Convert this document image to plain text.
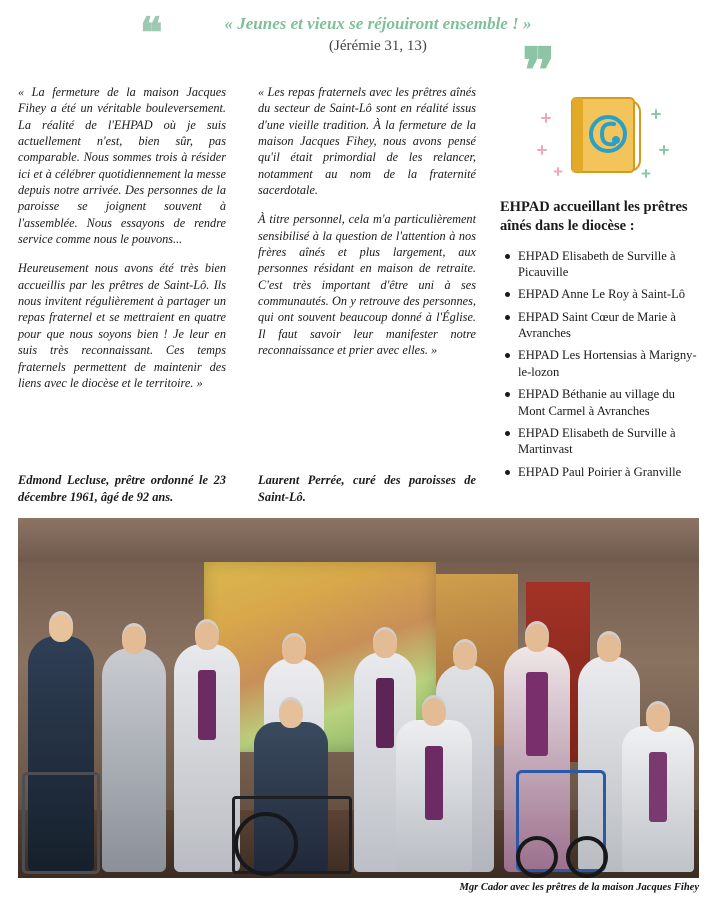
❝	« Jeunes et vieux se réjouiront ensemble ! »

(Jérémie 31, 13)	❞

« La fermeture de la maison Jacques Fihey a été un véritable bouleversement. La réalité de l'EHPAD où je suis actuellement n'est, bien sûr, pas comparable. Nous sommes trois à résider ici et à célébrer quotidiennement la messe depuis notre arrivée. Des personnes de la paroisse se joignent souvent à l'assemblée. Nous essayons de rendre service comme nous le pouvons...

Heureusement nous avons été très bien accueillis par les prêtres de Saint-Lô. Ils nous invitent régulièrement à partager un repas fraternel et se mettraient en quatre pour que nous soyons bien ! Je leur en suis très reconnaissant. Ces temps fraternels permettent de maintenir des liens avec le diocèse et le territoire. »

Edmond Lecluse, prêtre ordonné le 23 décembre 1961, âgé de 92 ans.

« Les repas fraternels avec les prêtres aînés du secteur de Saint-Lô sont en réalité issus d'une vieille tradition. À la fermeture de la maison Jacques Fihey, nous avons pensé qu'il était primordial de les relancer, notamment au nom de la fraternité sacerdotale.

À titre personnel, cela m'a particulièrement sensibilisé à la question de l'attention à nos frères aînés et plus largement, aux personnes résidant en maison de retraite. C'est très important d'être uni à ses communautés. On y retrouve des personnes, qui ont souvent beaucoup donné à l'Église. Il faut savoir leur manifester notre reconnaissance et prier avec elles. »

Laurent Perrée, curé des paroisses de Saint-Lô.
EHPAD accueillant les prêtres aînés dans le diocèse :
EHPAD Elisabeth de Surville à Picauville
EHPAD Anne Le Roy à Saint-Lô
EHPAD Saint Cœur de Marie à Avranches
EHPAD Les Hortensias à Marigny-le-lozon
EHPAD Béthanie au village du Mont Carmel à Avranches
EHPAD Elisabeth de Surville à Martinvast
EHPAD Paul Poirier à Granville
Mgr Cador avec les prêtres de la maison Jacques Fihey
